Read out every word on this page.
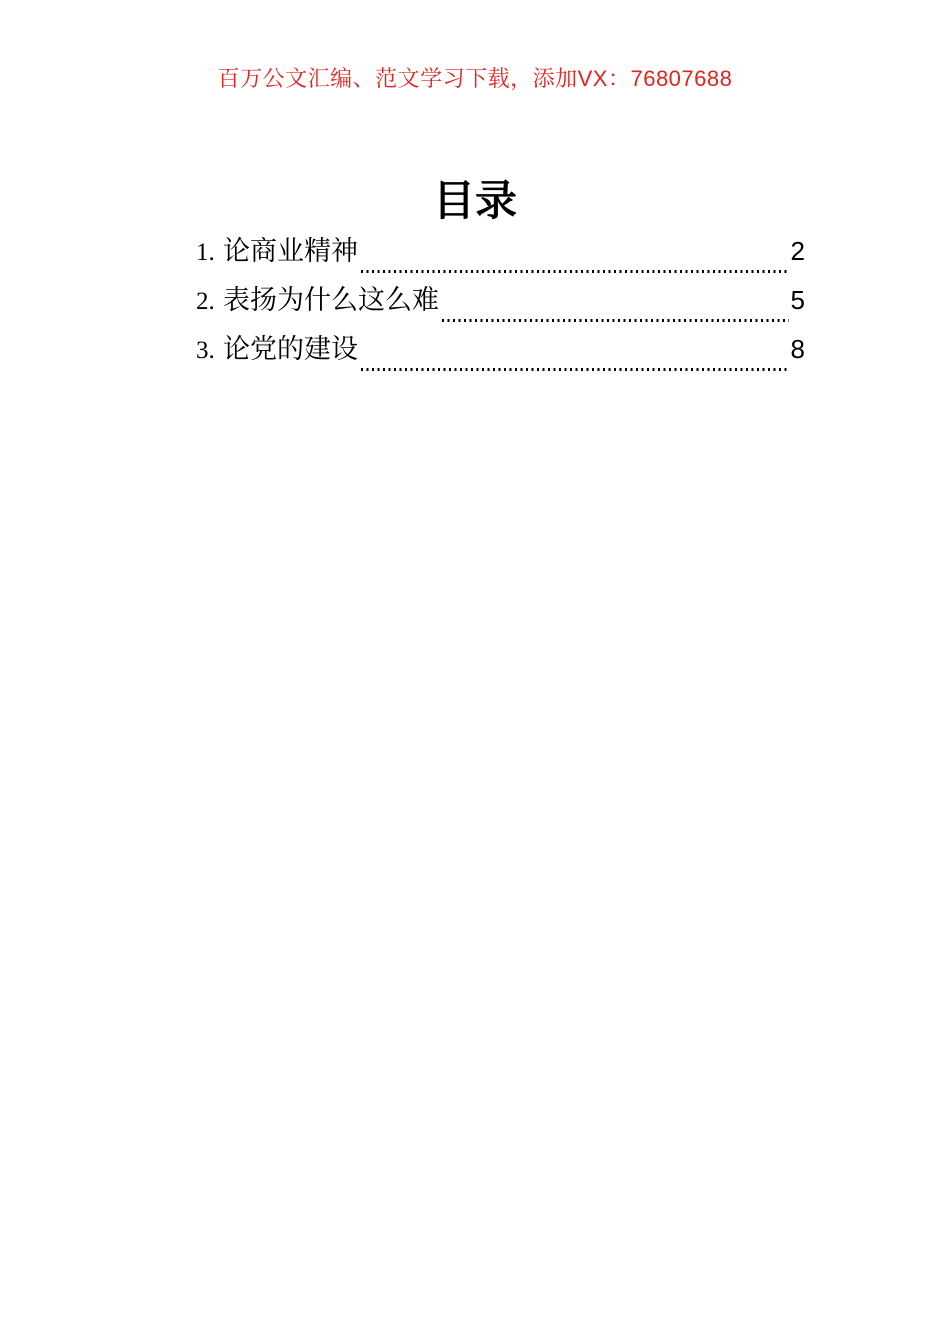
百万公文汇编、范文学习下载，添加VX：76807688
目录
1. 论商业精神	2
2. 表扬为什么这么难	5
3. 论党的建设	8
